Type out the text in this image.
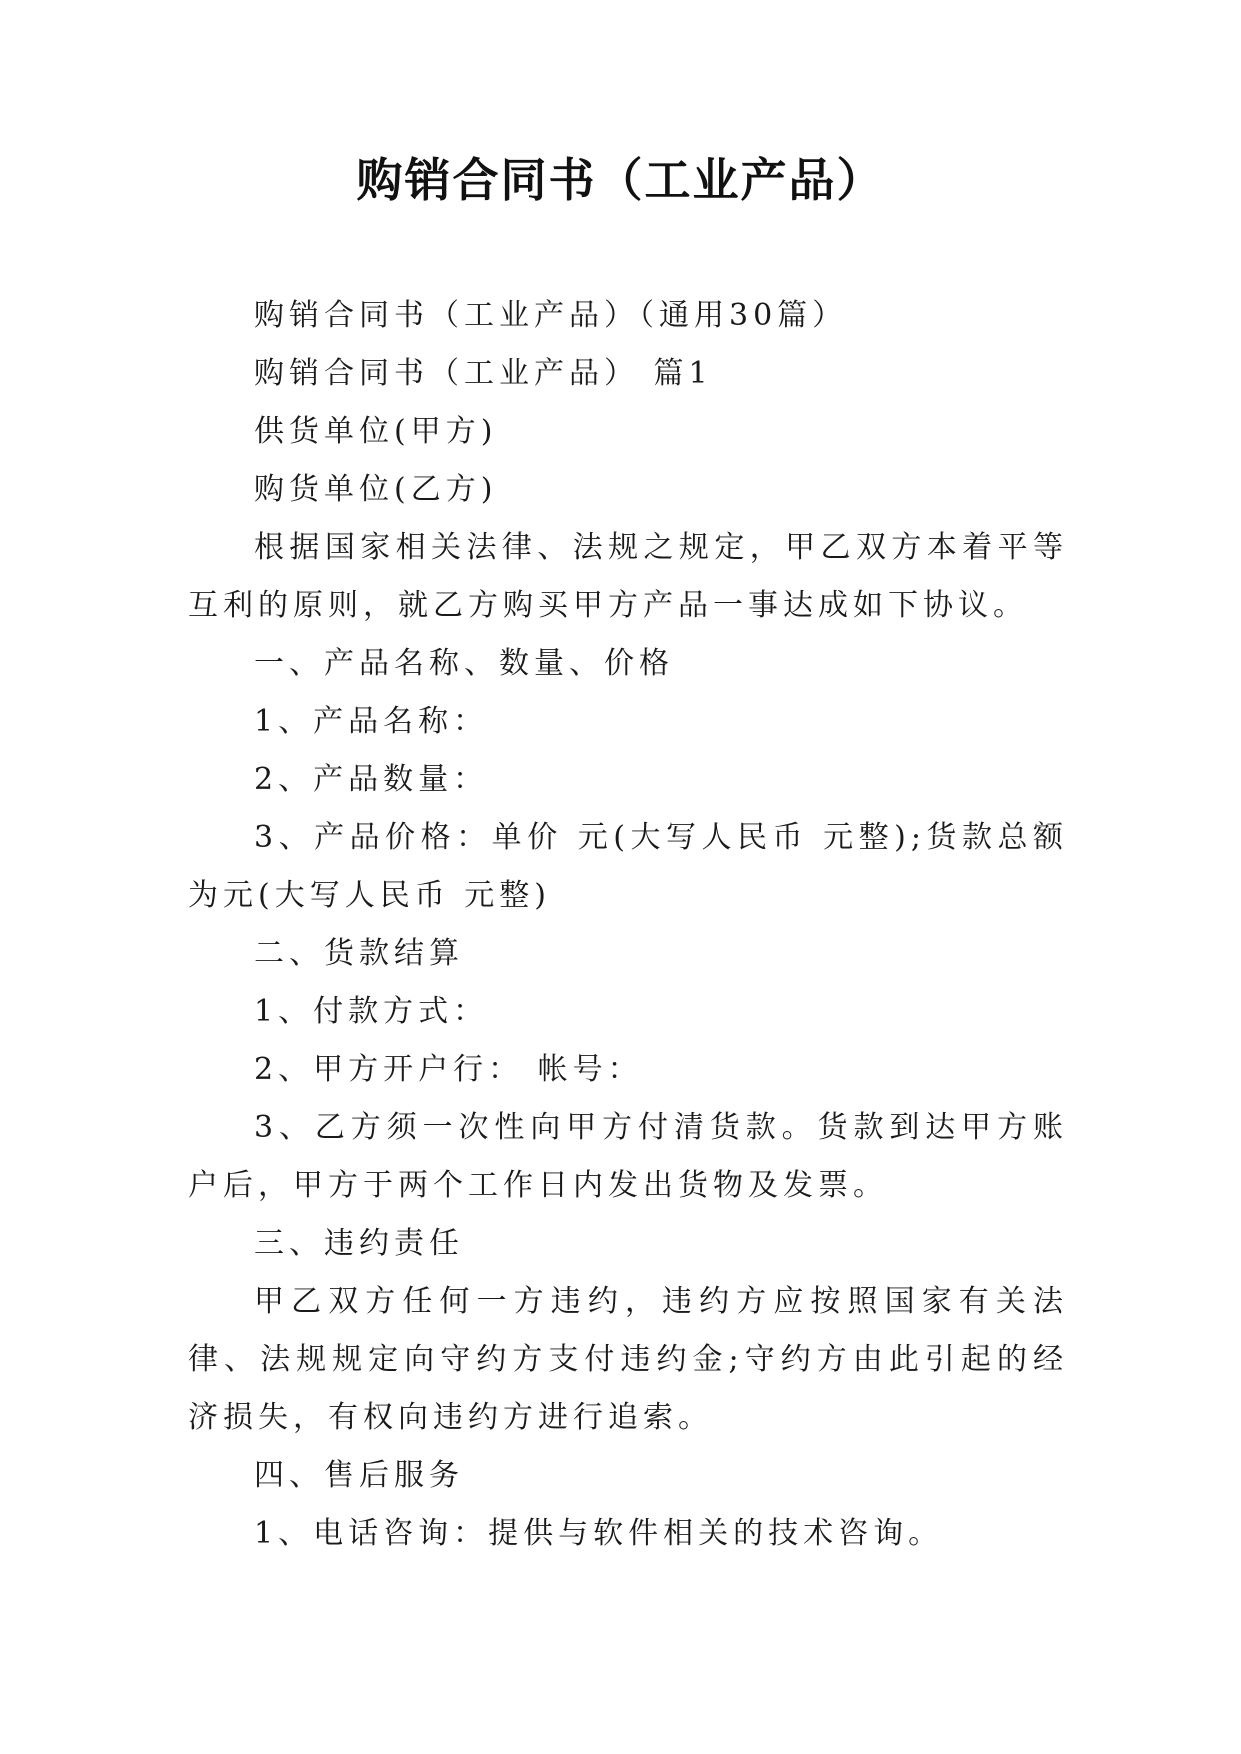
购销合同书（工业产品）

购销合同书（工业产品）（通用30篇）

购销合同书（工业产品） 篇1

供货单位(甲方)

购货单位(乙方)

根据国家相关法律、法规之规定，甲乙双方本着平等互利的原则，就乙方购买甲方产品一事达成如下协议。

一、产品名称、数量、价格

1、产品名称：

2、产品数量：

3、产品价格：单价 元(大写人民币 元整);货款总额为元(大写人民币 元整)

二、货款结算

1、付款方式：

2、甲方开户行： 帐号：

3、乙方须一次性向甲方付清货款。货款到达甲方账户后，甲方于两个工作日内发出货物及发票。

三、违约责任

甲乙双方任何一方违约，违约方应按照国家有关法律、法规规定向守约方支付违约金;守约方由此引起的经济损失，有权向违约方进行追索。

四、售后服务

1、电话咨询：提供与软件相关的技术咨询。
